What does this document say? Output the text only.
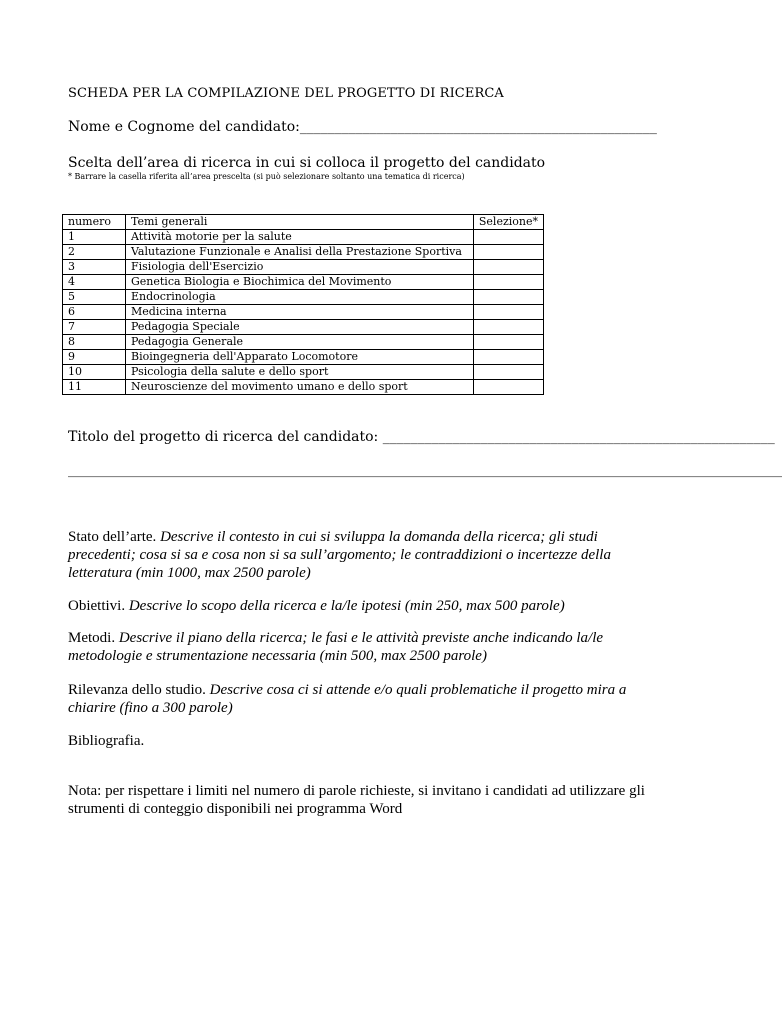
SCHEDA PER LA COMPILAZIONE DEL PROGETTO DI RICERCA
Nome e Cognome del candidato:___________________________________________________
Scelta dell’area di ricerca in cui si colloca il progetto del candidato
* Barrare la casella riferita all’area prescelta (si può selezionare soltanto una tematica di ricerca)
numero	Temi generali	Selezione*
1	Attività motorie per la salute	
2	Valutazione Funzionale e Analisi della Prestazione Sportiva	
3	Fisiologia dell'Esercizio	
4	Genetica Biologia e Biochimica del Movimento	
5	Endocrinologia	
6	Medicina interna	
7	Pedagogia Speciale	
8	Pedagogia Generale	
9	Bioingegneria dell'Apparato Locomotore	
10	Psicologia della salute e dello sport	
11	Neuroscienze del movimento umano e dello sport	
Titolo del progetto di ricerca del candidato: ________________________________________________________
______________________________________________________________________________________________________
Stato dell’arte. Descrive il contesto in cui si sviluppa la domanda della ricerca; gli studi precedenti; cosa si sa e cosa non si sa sull’argomento; le contraddizioni o incertezze della letteratura (min 1000, max 2500 parole)
Obiettivi. Descrive lo scopo della ricerca e la/le ipotesi (min 250, max 500 parole)
Metodi. Descrive il piano della ricerca; le fasi e le attività previste anche indicando la/le metodologie e strumentazione necessaria (min 500, max 2500 parole)
Rilevanza dello studio. Descrive cosa ci si attende e/o quali problematiche il progetto mira a chiarire (fino a 300 parole)
Bibliografia.
Nota: per rispettare i limiti nel numero di parole richieste, si invitano i candidati ad utilizzare gli strumenti di conteggio disponibili nei programma Word
